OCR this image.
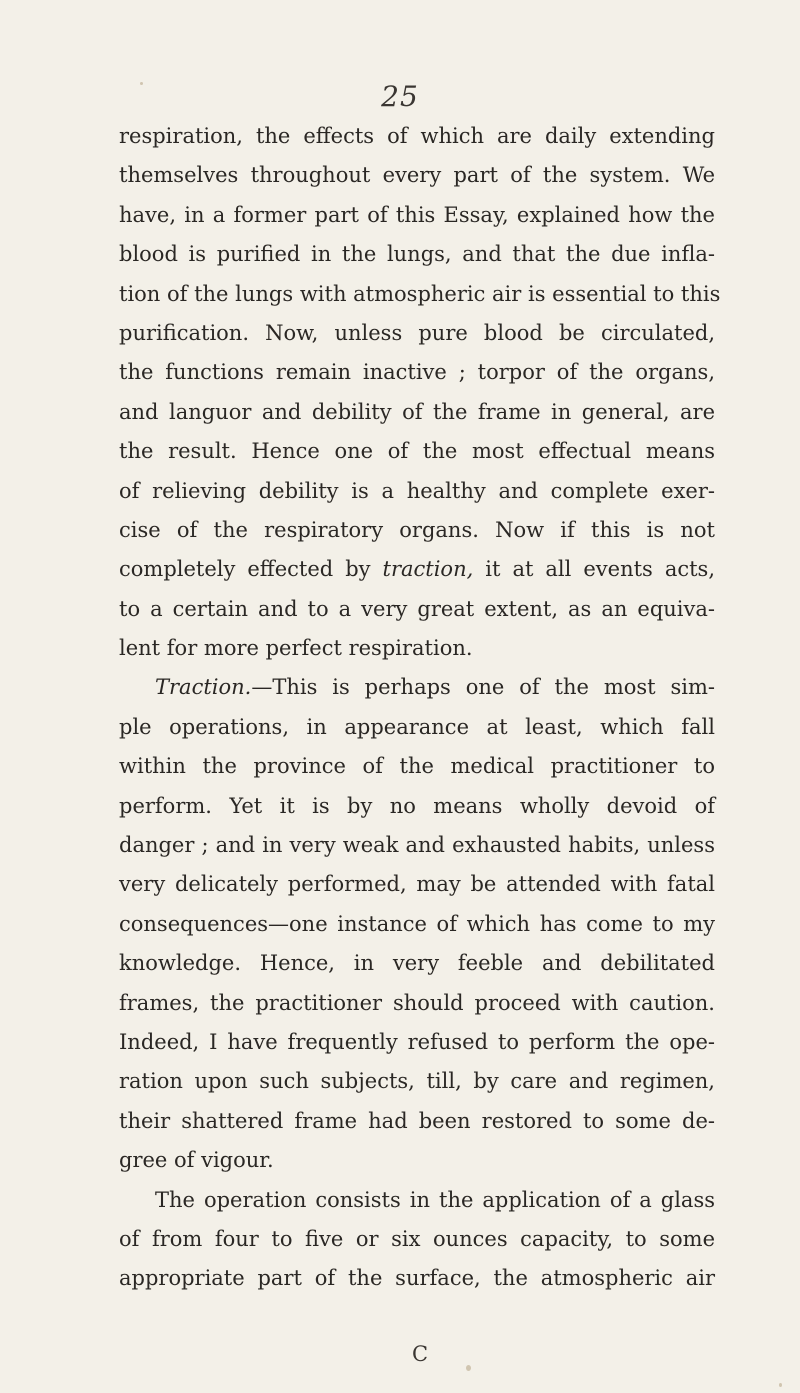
25
respiration, the effects of which are daily extending
themselves throughout every part of the system. We
have, in a former part of this Essay, explained how the
blood is purified in the lungs, and that the due infla-
tion of the lungs with atmospheric air is essential to this
purification. Now, unless pure blood be circulated,
the functions remain inactive ; torpor of the organs,
and languor and debility of the frame in general, are
the result. Hence one of the most effectual means
of relieving debility is a healthy and complete exer-
cise of the respiratory organs. Now if this is not
completely effected by traction, it at all events acts,
to a certain and to a very great extent, as an equiva-
lent for more perfect respiration.
Traction.—This is perhaps one of the most sim-
ple operations, in appearance at least, which fall
within the province of the medical practitioner to
perform. Yet it is by no means wholly devoid of
danger ; and in very weak and exhausted habits, unless
very delicately performed, may be attended with fatal
consequences—one instance of which has come to my
knowledge. Hence, in very feeble and debilitated
frames, the practitioner should proceed with caution.
Indeed, I have frequently refused to perform the ope-
ration upon such subjects, till, by care and regimen,
their shattered frame had been restored to some de-
gree of vigour.
The operation consists in the application of a glass
of from four to five or six ounces capacity, to some
appropriate part of the surface, the atmospheric air
C
